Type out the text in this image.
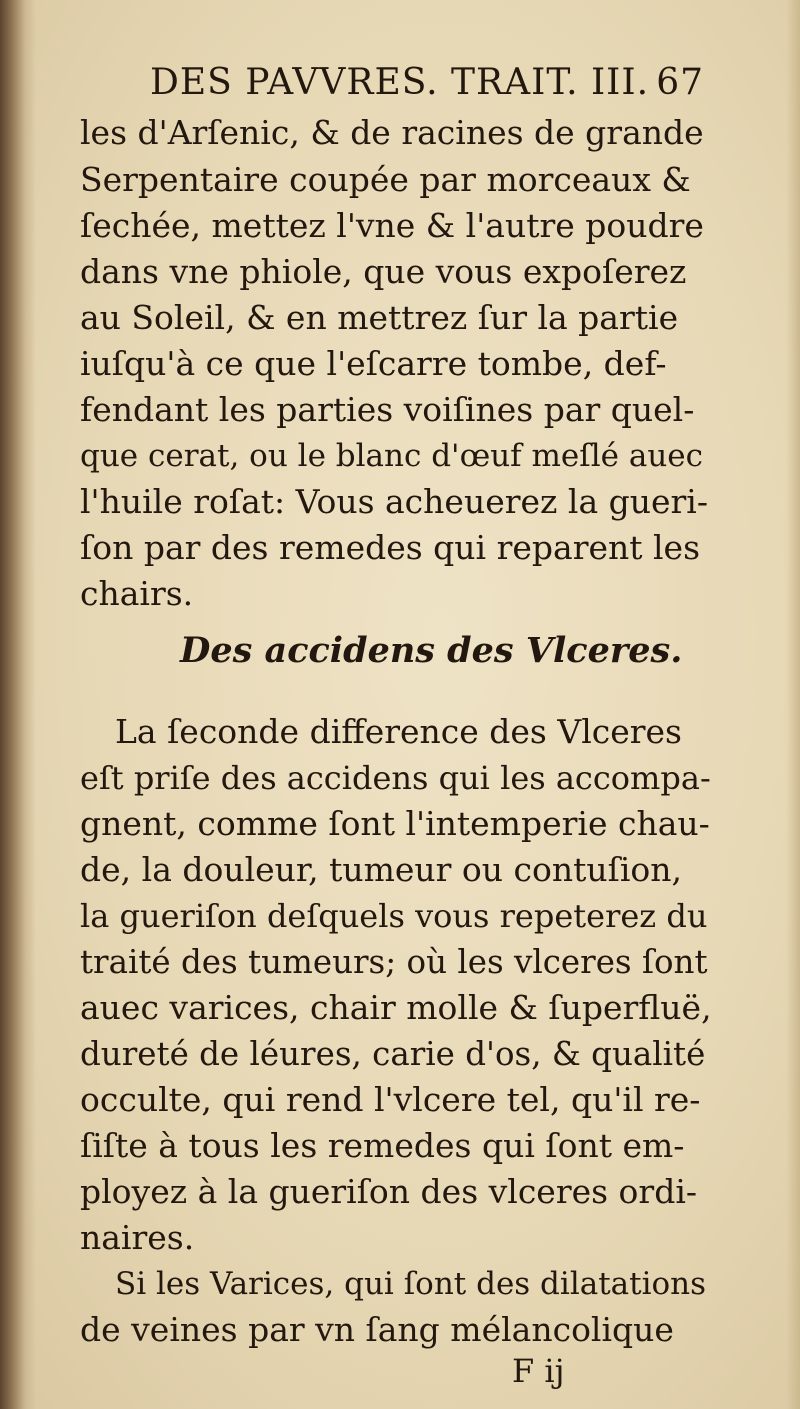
DES PAVVRES. TRAIT. III. 67
les d'Arſenic, & de racines de grande
Serpentaire coupée par morceaux &
ſechée, mettez l'vne & l'autre poudre
dans vne phiole, que vous expoſerez
au Soleil, & en mettrez ſur la partie
iuſqu'à ce que l'eſcarre tombe, def-
fendant les parties voiſines par quel-
que cerat, ou le blanc d'œuf meſlé auec
l'huile roſat: Vous acheuerez la gueri-
ſon par des remedes qui reparent les
chairs.
Des accidens des Vlceres.
La ſeconde difference des Vlceres
eſt priſe des accidens qui les accompa-
gnent, comme ſont l'intemperie chau-
de, la douleur, tumeur ou contuſion,
la gueriſon deſquels vous repeterez du
traité des tumeurs; où les vlceres ſont
auec varices, chair molle & ſuperfluë,
dureté de léures, carie d'os, & qualité
occulte, qui rend l'vlcere tel, qu'il re-
ſiſte à tous les remedes qui ſont em-
ployez à la gueriſon des vlceres ordi-
naires.
Si les Varices, qui ſont des dilatations
de veines par vn ſang mélancolique
F ij
